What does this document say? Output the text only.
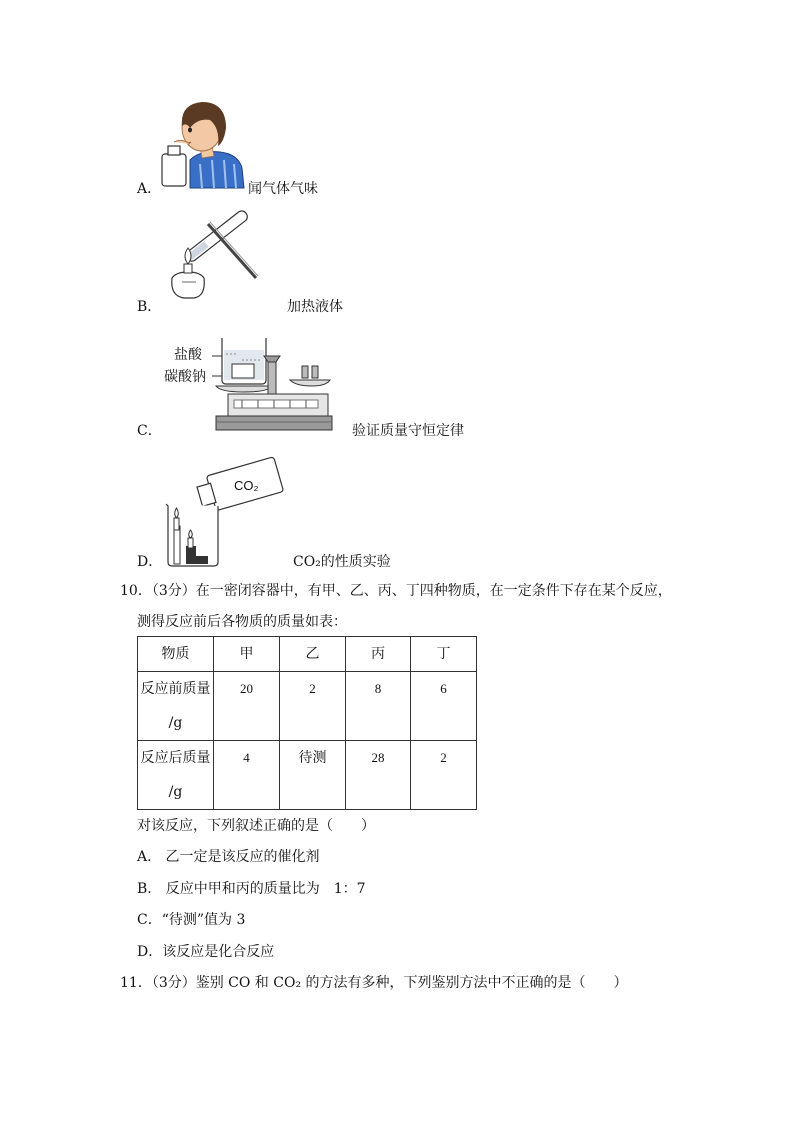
A．	闻气体气味
B．	加热液体
盐酸
碳酸钠
C．	验证质量守恒定律
CO₂
D．	CO₂的性质实验
10．（3分）在一密闭容器中，有甲、乙、丙、丁四种物质，在一定条件下存在某个反应，
测得反应前后各物质的质量如表：
物质	甲	乙	丙	丁
反应前质量
/g	20	2	8	6
反应后质量
/g	4	待测	28	2
对该反应，下列叙述正确的是（　　）
A.　乙一定是该反应的催化剂
B.　反应中甲和丙的质量比为　1：7
C．“待测”值为 3
D．该反应是化合反应
11．（3分）鉴别 CO 和 CO₂ 的方法有多种，下列鉴别方法中不正确的是（　　）
